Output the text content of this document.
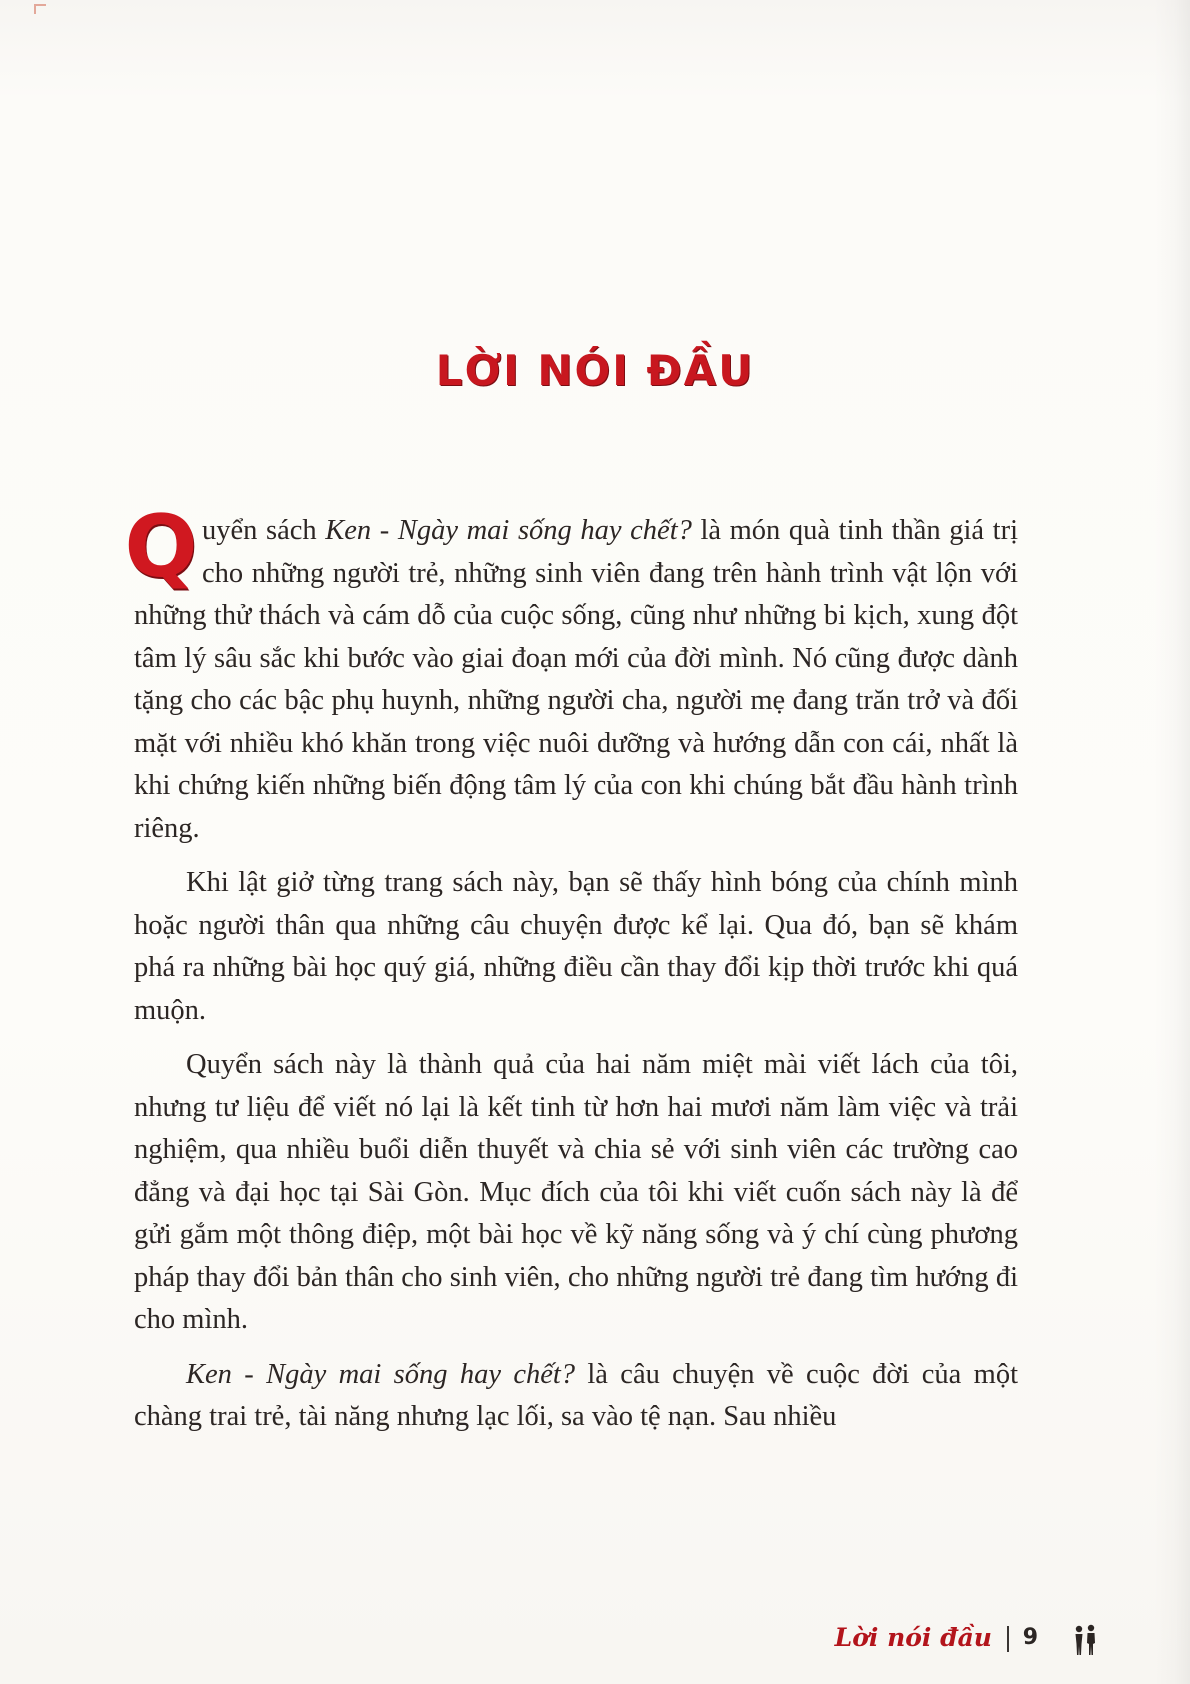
LỜI NÓI ĐẦU

Q uyển sách Ken - Ngày mai sống hay chết? là món quà tinh thần giá trị cho những người trẻ, những sinh viên đang trên hành trình vật lộn với những thử thách và cám dỗ của cuộc sống, cũng như những bi kịch, xung đột tâm lý sâu sắc khi bước vào giai đoạn mới của đời mình. Nó cũng được dành tặng cho các bậc phụ huynh, những người cha, người mẹ đang trăn trở và đối mặt với nhiều khó khăn trong việc nuôi dưỡng và hướng dẫn con cái, nhất là khi chứng kiến những biến động tâm lý của con khi chúng bắt đầu hành trình riêng.

Khi lật giở từng trang sách này, bạn sẽ thấy hình bóng của chính mình hoặc người thân qua những câu chuyện được kể lại. Qua đó, bạn sẽ khám phá ra những bài học quý giá, những điều cần thay đổi kịp thời trước khi quá muộn.

Quyển sách này là thành quả của hai năm miệt mài viết lách của tôi, nhưng tư liệu để viết nó lại là kết tinh từ hơn hai mươi năm làm việc và trải nghiệm, qua nhiều buổi diễn thuyết và chia sẻ với sinh viên các trường cao đẳng và đại học tại Sài Gòn. Mục đích của tôi khi viết cuốn sách này là để gửi gắm một thông điệp, một bài học về kỹ năng sống và ý chí cùng phương pháp thay đổi bản thân cho sinh viên, cho những người trẻ đang tìm hướng đi cho mình.

Ken - Ngày mai sống hay chết? là câu chuyện về cuộc đời của một chàng trai trẻ, tài năng nhưng lạc lối, sa vào tệ nạn. Sau nhiều

Lời nói đầu 9
